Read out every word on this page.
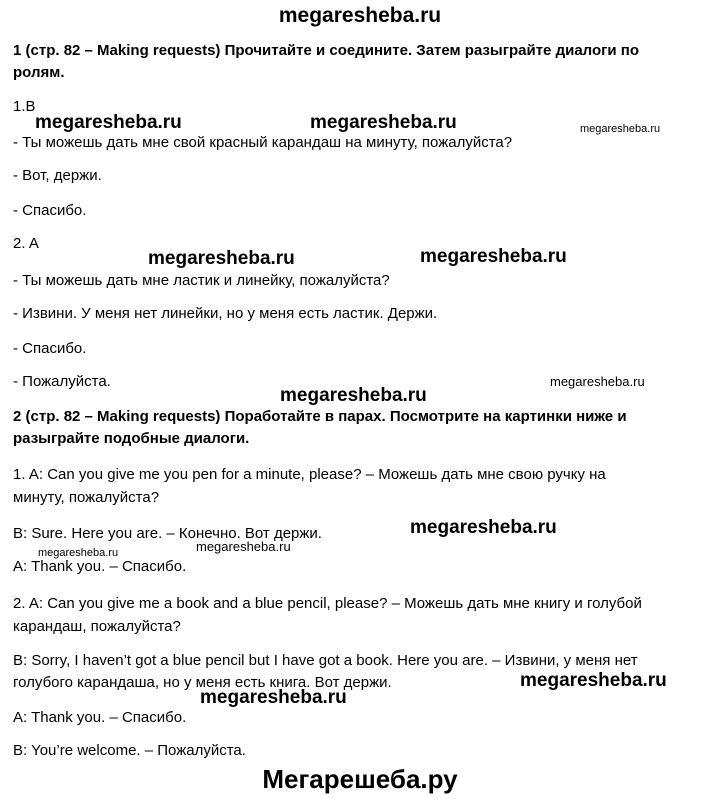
megaresheba.ru
1 (стр. 82 – Making requests) Прочитайте и соедините. Затем разыграйте диалоги по ролям.
1.B
- Ты можешь дать мне свой красный карандаш на минуту, пожалуйста?
- Вот, держи.
- Спасибо.
2. A
- Ты можешь дать мне ластик и линейку, пожалуйста?
- Извини. У меня нет линейки, но у меня есть ластик. Держи.
- Спасибо.
- Пожалуйста.
2 (стр. 82 – Making requests) Поработайте в парах. Посмотрите на картинки ниже и разыграйте подобные диалоги.
1. A: Can you give me you pen for a minute, please? – Можешь дать мне свою ручку на
минуту, пожалуйста?
B: Sure. Here you are. – Конечно. Вот держи.
A: Thank you. – Спасибо.
2. A: Can you give me a book and a blue pencil, please? – Можешь дать мне книгу и голубой
карандаш, пожалуйста?
B: Sorry, I haven’t got a blue pencil but I have got a book. Here you are. – Извини, у меня нет
голубого карандаша, но у меня есть книга. Вот держи.
A: Thank you. – Спасибо.
B: You’re welcome. – Пожалуйста.
megaresheba.ru	megaresheba.ru	megaresheba.ru
megaresheba.ru	megaresheba.ru
megaresheba.ru
megaresheba.ru
megaresheba.ru
megaresheba.ru	megaresheba.ru
megaresheba.ru
megaresheba.ru
Мегарешеба.ру
